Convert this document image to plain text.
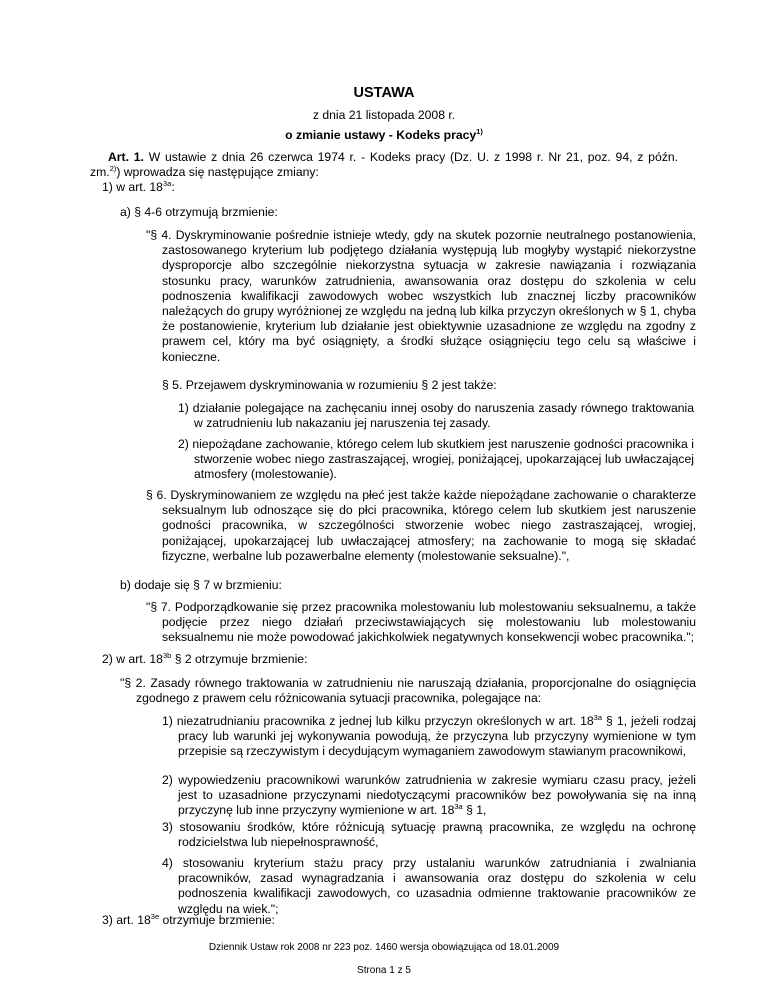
USTAWA
z dnia 21 listopada 2008 r.
o zmianie ustawy - Kodeks pracy$^{1)}$
Art. 1. W ustawie z dnia 26 czerwca 1974 r. - Kodeks pracy (Dz. U. z 1998 r. Nr 21, poz. 94, z późn. zm.$^{2)}$) wprowadza się następujące zmiany:
1) w art. $18^{3a}$:
a) § 4-6 otrzymują brzmienie:
"§ 4. Dyskryminowanie pośrednie istnieje wtedy, gdy na skutek pozornie neutralnego postanowienia, zastosowanego kryterium lub podjętego działania występują lub mogłyby wystąpić niekorzystne dysproporcje albo szczególnie niekorzystna sytuacja w zakresie nawiązania i rozwiązania stosunku pracy, warunków zatrudnienia, awansowania oraz dostępu do szkolenia w celu podnoszenia kwalifikacji zawodowych wobec wszystkich lub znacznej liczby pracowników należących do grupy wyróżnionej ze względu na jedną lub kilka przyczyn określonych w § 1, chyba że postanowienie, kryterium lub działanie jest obiektywnie uzasadnione ze względu na zgodny z prawem cel, który ma być osiągnięty, a środki służące osiągnięciu tego celu są właściwe i konieczne.
§ 5. Przejawem dyskryminowania w rozumieniu § 2 jest także:
1) działanie polegające na zachęcaniu innej osoby do naruszenia zasady równego traktowania w zatrudnieniu lub nakazaniu jej naruszenia tej zasady.
2) niepożądane zachowanie, którego celem lub skutkiem jest naruszenie godności pracownika i stworzenie wobec niego zastraszającej, wrogiej, poniżającej, upokarzającej lub uwłaczającej atmosfery (molestowanie).
§ 6. Dyskryminowaniem ze względu na płeć jest także każde niepożądane zachowanie o charakterze seksualnym lub odnoszące się do płci pracownika, którego celem lub skutkiem jest naruszenie godności pracownika, w szczególności stworzenie wobec niego zastraszającej, wrogiej, poniżającej, upokarzającej lub uwłaczającej atmosfery; na zachowanie to mogą się składać fizyczne, werbalne lub pozawerbalne elementy (molestowanie seksualne).",
b) dodaje się § 7 w brzmieniu:
"§ 7. Podporządkowanie się przez pracownika molestowaniu lub molestowaniu seksualnemu, a także podjęcie przez niego działań przeciwstawiających się molestowaniu lub molestowaniu seksualnemu nie może powodować jakichkolwiek negatywnych konsekwencji wobec pracownika.";
2) w art. $18^{3b}$ § 2 otrzymuje brzmienie:
"§ 2. Zasady równego traktowania w zatrudnieniu nie naruszają działania, proporcjonalne do osiągnięcia zgodnego z prawem celu różnicowania sytuacji pracownika, polegające na:
1) niezatrudnianiu pracownika z jednej lub kilku przyczyn określonych w art. $18^{3a}$ § 1, jeżeli rodzaj pracy lub warunki jej wykonywania powodują, że przyczyna lub przyczyny wymienione w tym przepisie są rzeczywistym i decydującym wymaganiem zawodowym stawianym pracownikowi,
2) wypowiedzeniu pracownikowi warunków zatrudnienia w zakresie wymiaru czasu pracy, jeżeli jest to uzasadnione przyczynami niedotyczącymi pracowników bez powoływania się na inną przyczynę lub inne przyczyny wymienione w art. $18^{3a}$ § 1,
3) stosowaniu środków, które różnicują sytuację prawną pracownika, ze względu na ochronę rodzicielstwa lub niepełnosprawność,
4) stosowaniu kryterium stażu pracy przy ustalaniu warunków zatrudniania i zwalniania pracowników, zasad wynagradzania i awansowania oraz dostępu do szkolenia w celu podnoszenia kwalifikacji zawodowych, co uzasadnia odmienne traktowanie pracowników ze względu na wiek.";
3) art. $18^{3e}$ otrzymuje brzmienie:
Dziennik Ustaw rok 2008 nr 223 poz. 1460 wersja obowiązująca od 18.01.2009
Strona 1 z 5
